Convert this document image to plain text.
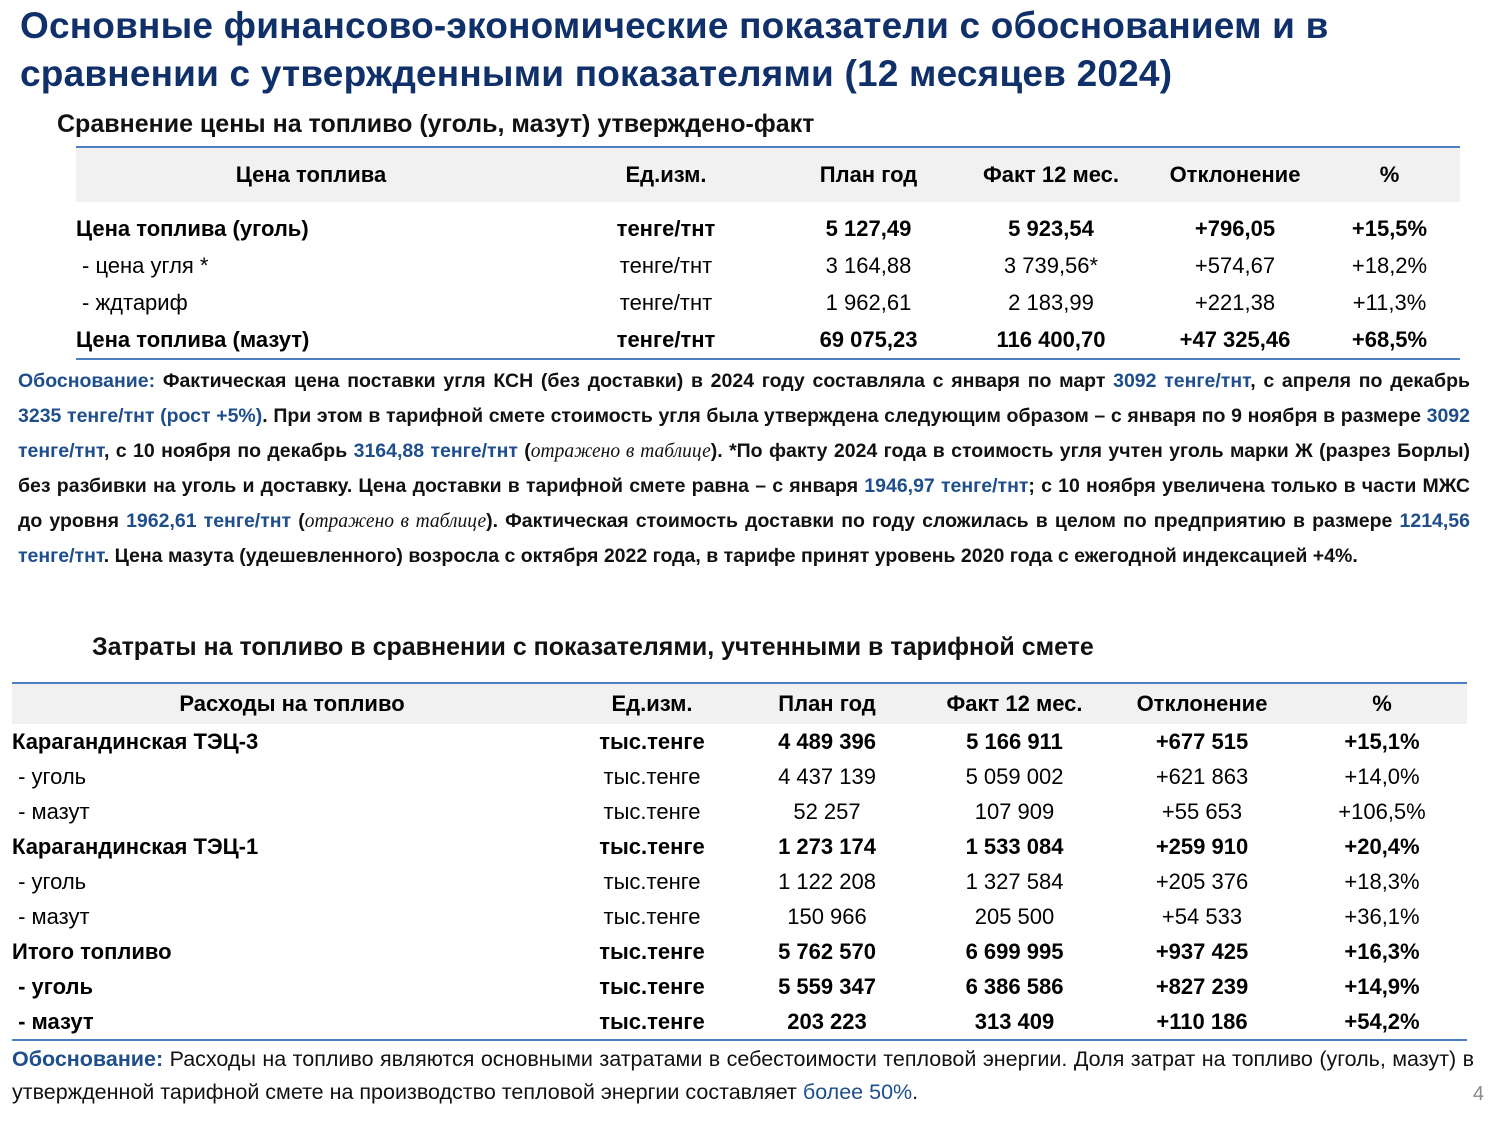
Основные финансово-экономические показатели с обоснованием и в сравнении с утвержденными показателями (12 месяцев 2024)
Сравнение цены на топливо (уголь, мазут) утверждено-факт
Цена топлива	Ед.изм.	План год	Факт 12 мес.	Отклонение	%
Цена топлива (уголь)	тенге/тнт	5 127,49	5 923,54	+796,05	+15,5%
- цена угля *	тенге/тнт	3 164,88	3 739,56*	+574,67	+18,2%
- ждтариф	тенге/тнт	1 962,61	2 183,99	+221,38	+11,3%
Цена топлива (мазут)	тенге/тнт	69 075,23	116 400,70	+47 325,46	+68,5%
Обоснование: Фактическая цена поставки угля КСН (без доставки) в 2024 году составляла с января по март 3092 тенге/тнт, с апреля по декабрь 3235 тенге/тнт (рост +5%). При этом в тарифной смете стоимость угля была утверждена следующим образом – с января по 9 ноября в размере 3092 тенге/тнт, с 10 ноября по декабрь 3164,88 тенге/тнт (отражено в таблице). *По факту 2024 года в стоимость угля учтен уголь марки Ж (разрез Борлы) без разбивки на уголь и доставку. Цена доставки в тарифной смете равна – с января 1946,97 тенге/тнт; с 10 ноября увеличена только в части МЖС до уровня 1962,61 тенге/тнт (отражено в таблице). Фактическая стоимость доставки по году сложилась в целом по предприятию в размере 1214,56 тенге/тнт. Цена мазута (удешевленного) возросла с октября 2022 года, в тарифе принят уровень 2020 года с ежегодной индексацией +4%.
Затраты на топливо в сравнении с показателями, учтенными в тарифной смете
Расходы на топливо	Ед.изм.	План год	Факт 12 мес.	Отклонение	%
Карагандинская ТЭЦ-3	тыс.тенге	4 489 396	5 166 911	+677 515	+15,1%
- уголь	тыс.тенге	4 437 139	5 059 002	+621 863	+14,0%
- мазут	тыс.тенге	52 257	107 909	+55 653	+106,5%
Карагандинская ТЭЦ-1	тыс.тенге	1 273 174	1 533 084	+259 910	+20,4%
- уголь	тыс.тенге	1 122 208	1 327 584	+205 376	+18,3%
- мазут	тыс.тенге	150 966	205 500	+54 533	+36,1%
Итого топливо	тыс.тенге	5 762 570	6 699 995	+937 425	+16,3%
- уголь	тыс.тенге	5 559 347	6 386 586	+827 239	+14,9%
- мазут	тыс.тенге	203 223	313 409	+110 186	+54,2%
Обоснование: Расходы на топливо являются основными затратами в себестоимости тепловой энергии. Доля затрат на топливо (уголь, мазут) в утвержденной тарифной смете на производство тепловой энергии составляет более 50%.	4
